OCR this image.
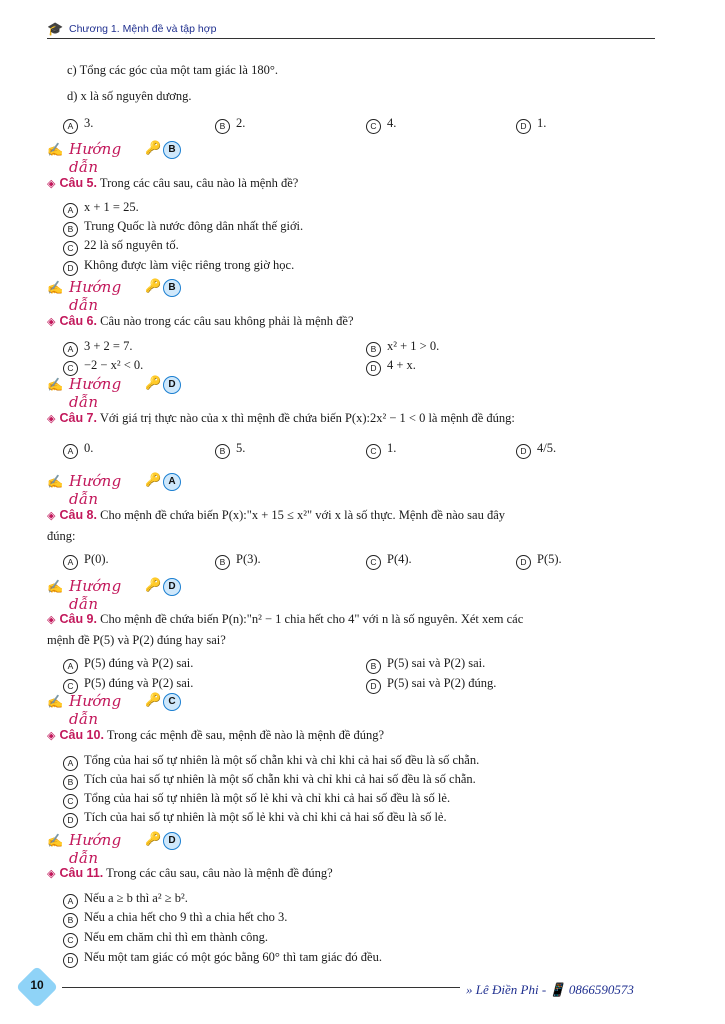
🎓 Chương 1. Mệnh đề và tập hợp
c) Tổng các góc của một tam giác là 180°.
d) x là số nguyên dương.
A 3.	B 2.	C 4.	D 1.
✍ Hướng dẫn
🔑 B
◈ Câu 5. Trong các câu sau, câu nào là mệnh đề?
A x + 1 = 25.
B Trung Quốc là nước đông dân nhất thế giới.
C 22 là số nguyên tố.
D Không được làm việc riêng trong giờ học.
✍ Hướng dẫn
🔑 B
◈ Câu 6. Câu nào trong các câu sau không phải là mệnh đề?
A 3 + 2 = 7.	B x² + 1 > 0.
C −2 − x² < 0.	D 4 + x.
✍ Hướng dẫn
🔑 D
◈ Câu 7. Với giá trị thực nào của x thì mệnh đề chứa biến P(x):2x² − 1 < 0 là mệnh đề đúng:
A 0.	B 5.	C 1.	D 4/5.
✍ Hướng dẫn
🔑 A
◈ Câu 8. Cho mệnh đề chứa biến P(x):"x + 15 ≤ x²" với x là số thực. Mệnh đề nào sau đây
đúng:
A P(0).	B P(3).	C P(4).	D P(5).
✍ Hướng dẫn
🔑 D
◈ Câu 9. Cho mệnh đề chứa biến P(n):"n² − 1 chia hết cho 4" với n là số nguyên. Xét xem các
mệnh đề P(5) và P(2) đúng hay sai?
A P(5) đúng và P(2) sai.	B P(5) sai và P(2) sai.
C P(5) đúng và P(2) sai.	D P(5) sai và P(2) đúng.
✍ Hướng dẫn
🔑 C
◈ Câu 10. Trong các mệnh đề sau, mệnh đề nào là mệnh đề đúng?
A Tổng của hai số tự nhiên là một số chẵn khi và chỉ khi cả hai số đều là số chẵn.
B Tích của hai số tự nhiên là một số chẵn khi và chỉ khi cả hai số đều là số chẵn.
C Tổng của hai số tự nhiên là một số lẻ khi và chỉ khi cả hai số đều là số lẻ.
D Tích của hai số tự nhiên là một số lẻ khi và chỉ khi cả hai số đều là số lẻ.
✍ Hướng dẫn
🔑 D
◈ Câu 11. Trong các câu sau, câu nào là mệnh đề đúng?
A Nếu a ≥ b thì a² ≥ b².
B Nếu a chia hết cho 9 thì a chia hết cho 3.
C Nếu em chăm chỉ thì em thành công.
D Nếu một tam giác có một góc bằng 60° thì tam giác đó đều.
10	» Lê Điền Phi - 📱 0866590573
